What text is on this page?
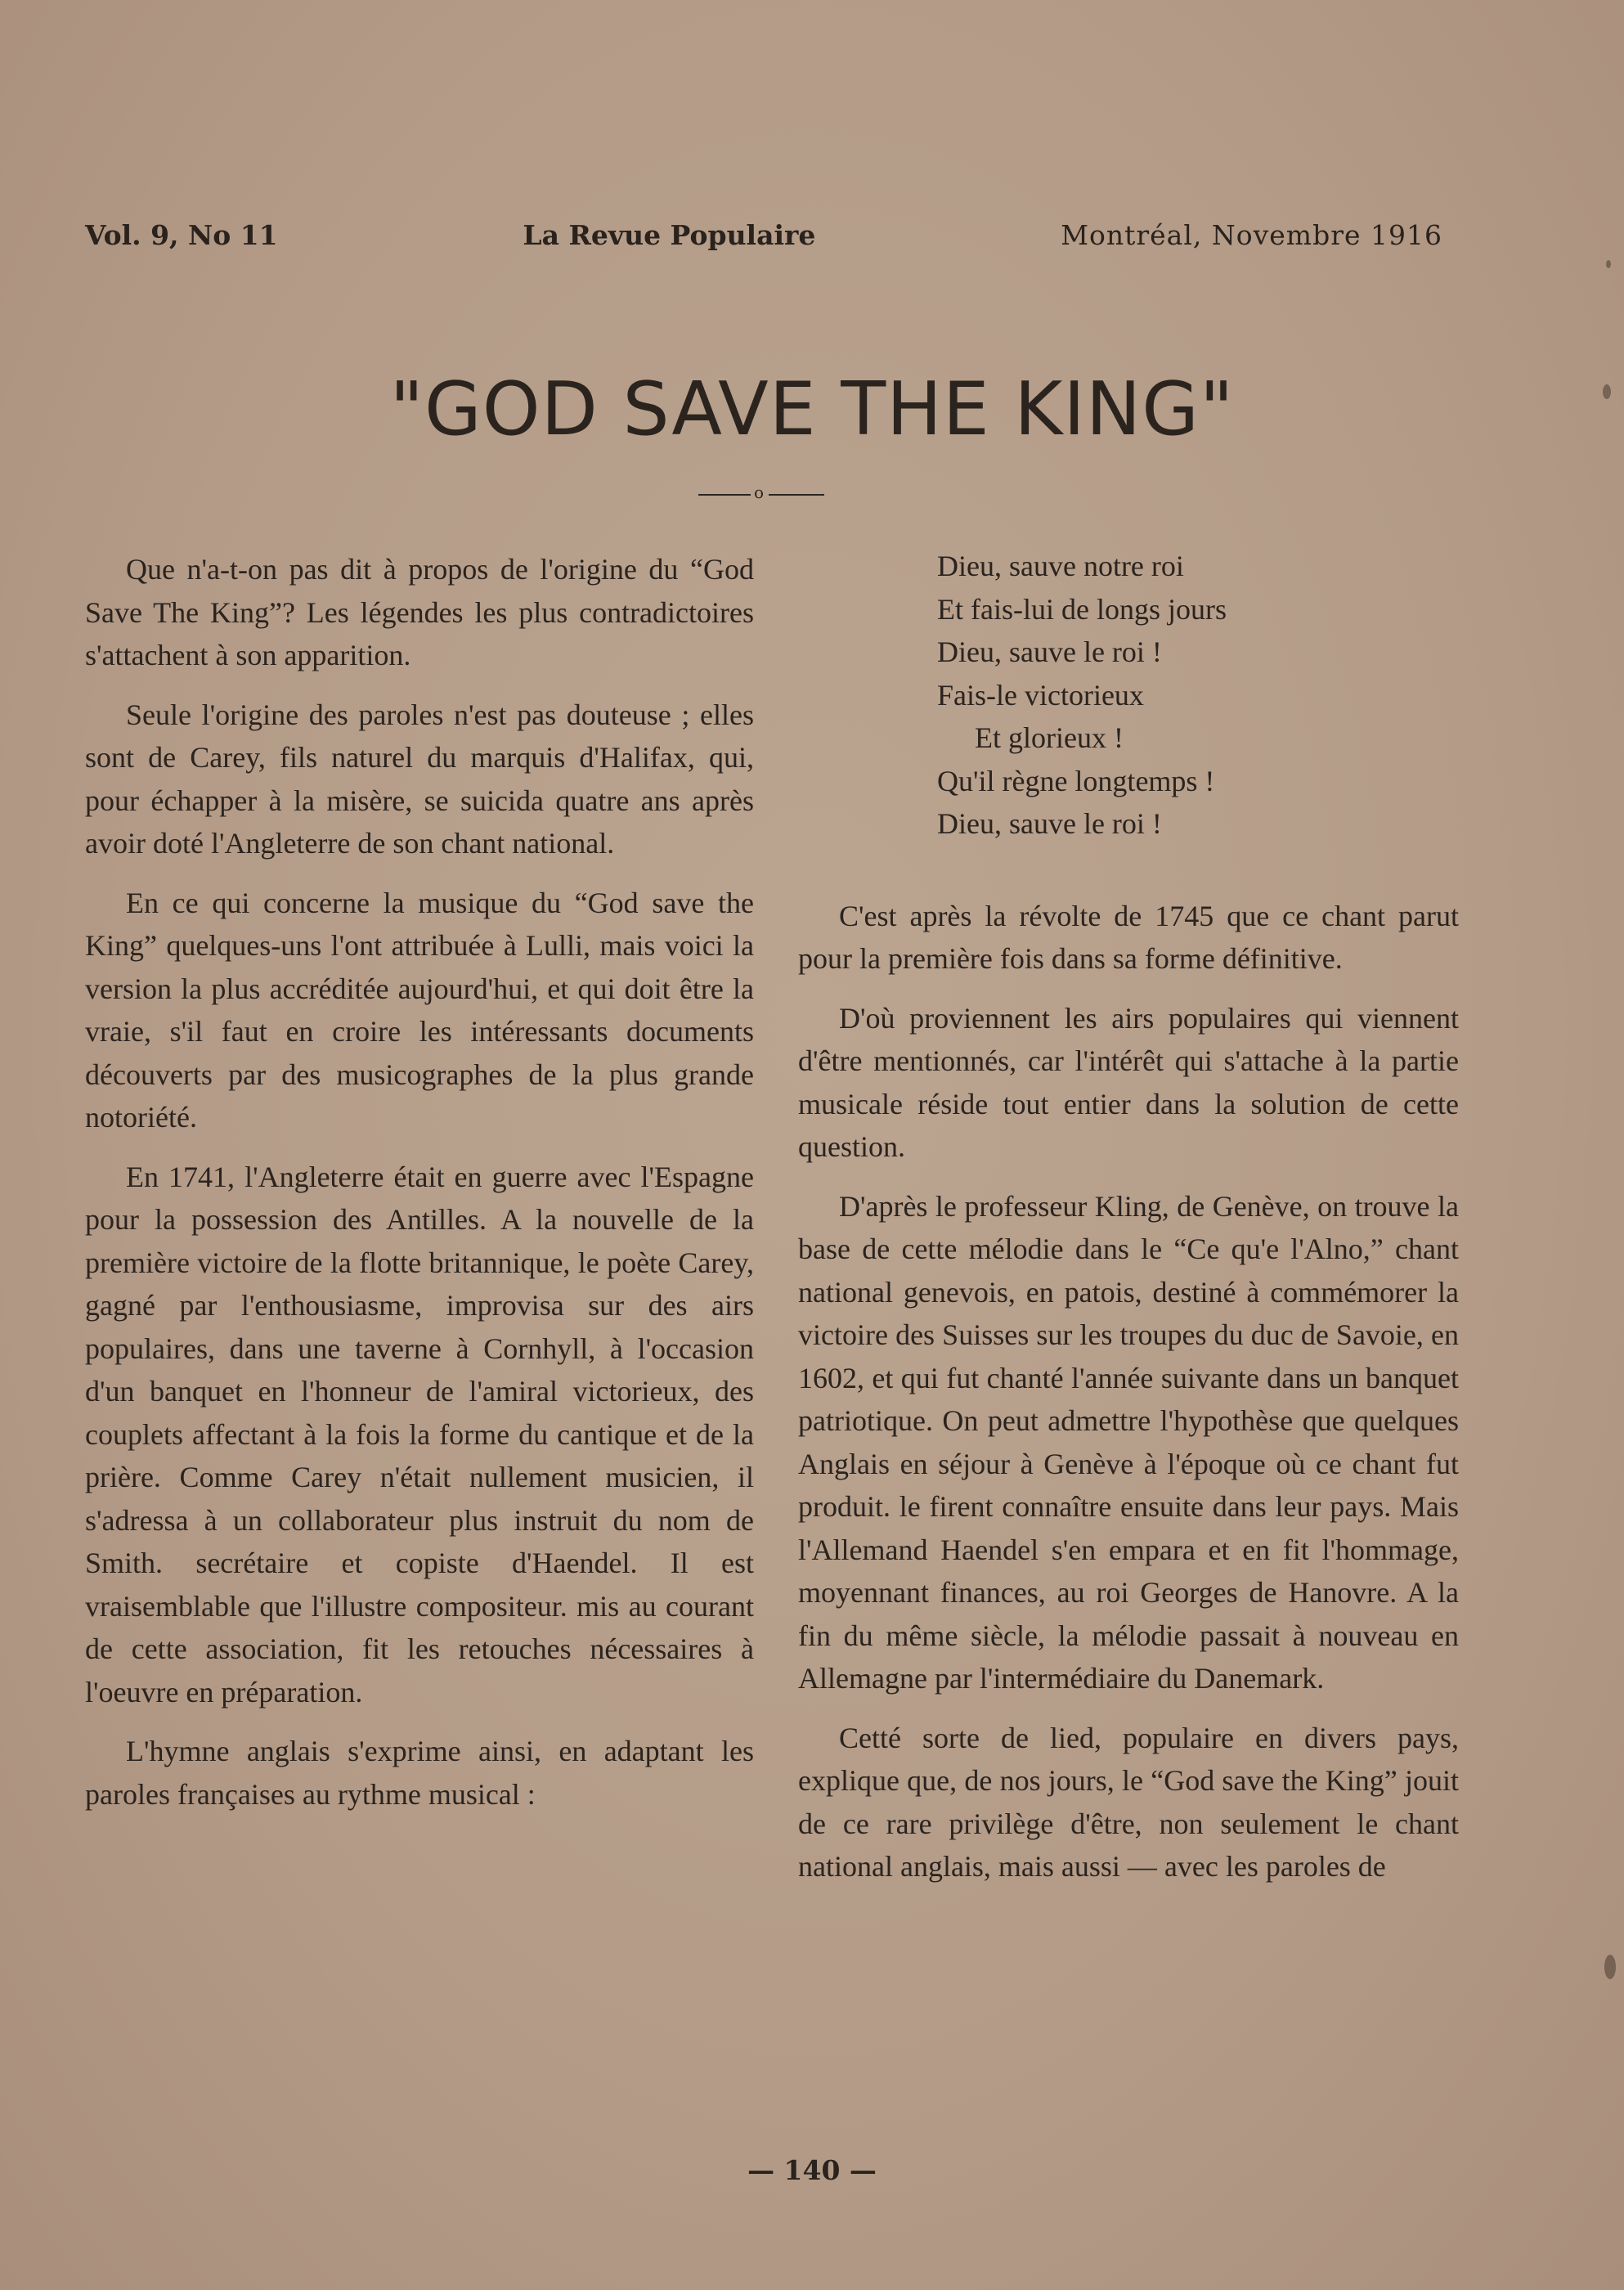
Vol. 9, No 11	La Revue Populaire	Montréal, Novembre 1916
"GOD SAVE THE KING"
o

Que n'a-t-on pas dit à propos de l'origine du “God Save The King”? Les légendes les plus contradictoires s'attachent à son apparition.

Seule l'origine des paroles n'est pas douteuse ; elles sont de Carey, fils naturel du marquis d'Halifax, qui, pour échapper à la misère, se suicida quatre ans après avoir doté l'Angleterre de son chant national.

En ce qui concerne la musique du “God save the King” quelques-uns l'ont attribuée à Lulli, mais voici la version la plus accréditée aujourd'hui, et qui doit être la vraie, s'il faut en croire les intéressants documents découverts par des musicographes de la plus grande notoriété.

En 1741, l'Angleterre était en guerre avec l'Espagne pour la possession des Antilles. A la nouvelle de la première victoire de la flotte britannique, le poète Carey, gagné par l'enthousiasme, improvisa sur des airs populaires, dans une taverne à Cornhyll, à l'occasion d'un banquet en l'honneur de l'amiral victorieux, des couplets affectant à la fois la forme du cantique et de la prière. Comme Carey n'était nullement musicien, il s'adressa à un collaborateur plus instruit du nom de Smith. secrétaire et copiste d'Haendel. Il est vraisemblable que l'illustre compositeur. mis au courant de cette association, fit les retouches nécessaires à l'oeuvre en préparation.

L'hymne anglais s'exprime ainsi, en adaptant les paroles françaises au rythme musical :

Dieu, sauve notre roi
Et fais-lui de longs jours
Dieu, sauve le roi !
Fais-le victorieux
Et glorieux !
Qu'il règne longtemps !
Dieu, sauve le roi !

C'est après la révolte de 1745 que ce chant parut pour la première fois dans sa forme définitive.

D'où proviennent les airs populaires qui viennent d'être mentionnés, car l'intérêt qui s'attache à la partie musicale réside tout entier dans la solution de cette question.

D'après le professeur Kling, de Genève, on trouve la base de cette mélodie dans le “Ce qu'e l'Alno,” chant national genevois, en patois, destiné à commémorer la victoire des Suisses sur les troupes du duc de Savoie, en 1602, et qui fut chanté l'année suivante dans un banquet patriotique. On peut admettre l'hypothèse que quelques Anglais en séjour à Genève à l'époque où ce chant fut produit. le firent connaître ensuite dans leur pays. Mais l'Allemand Haendel s'en empara et en fit l'hommage, moyennant finances, au roi Georges de Hanovre. A la fin du même siècle, la mélodie passait à nouveau en Allemagne par l'intermédiaire du Danemark.

Cetté sorte de lied, populaire en divers pays, explique que, de nos jours, le “God save the King” jouit de ce rare privilège d'être, non seulement le chant national anglais, mais aussi — avec les paroles de

— 140 —
